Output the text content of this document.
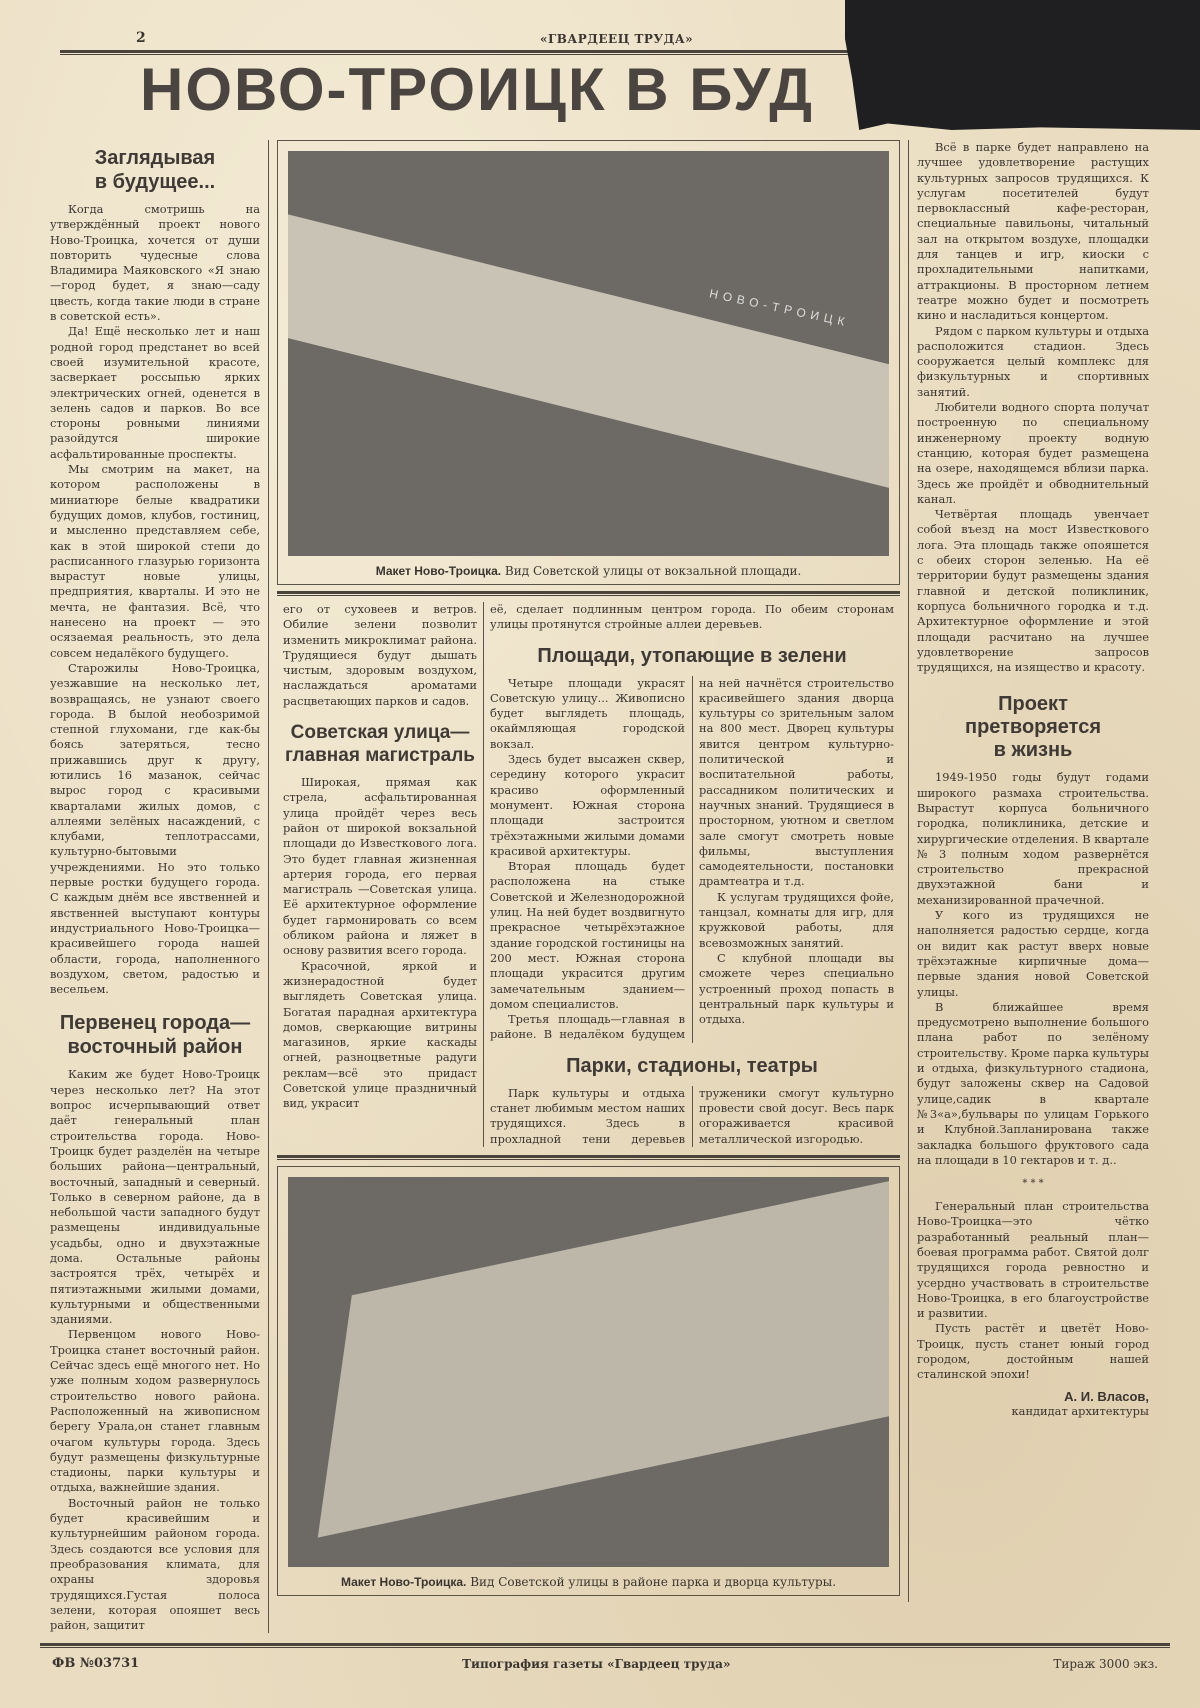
2	«ГВАРДЕЕЦ ТРУДА»
НОВО-ТРОИЦК В БУД
Заглядывая
в будущее...

Когда смотришь на утверждённый проект нового Ново-Троицка, хочется от души повторить чудесные слова Владимира Маяковского «Я знаю—город будет, я знаю—саду цвесть, когда такие люди в стране в советской есть».

Да! Ещё несколько лет и наш родной город предстанет во всей своей изумительной красоте, засверкает россыпью ярких электрических огней, оденется в зелень садов и парков. Во все стороны ровными линиями разойдутся широкие асфальтированные проспекты.

Мы смотрим на макет, на котором расположены в миниатюре белые квадратики будущих домов, клубов, гостиниц, и мысленно представляем себе, как в этой широкой степи до расписанного глазурью горизонта вырастут новые улицы, предприятия, кварталы. И это не мечта, не фантазия. Всё, что нанесено на проект — это осязаемая реальность, это дела совсем недалёкого будущего.

Старожилы Ново-Троицка, уезжавшие на несколько лет, возвращаясь, не узнают своего города. В былой необозримой степной глухомани, где как-бы боясь затеряться, тесно прижавшись друг к другу, ютились 16 мазанок, сейчас вырос город с красивыми кварталами жилых домов, с аллеями зелёных насаждений, с клубами, теплотрассами, культурно-бытовыми учреждениями. Но это только первые ростки будущего города. С каждым днём все явственней и явственней выступают контуры индустриального Ново-Троицка—красивейшего города нашей области, города, наполненного воздухом, светом, радостью и весельем.

Первенец города—
восточный район

Каким же будет Ново-Троицк через несколько лет? На этот вопрос исчерпывающий ответ даёт генеральный план строительства города. Ново-Троицк будет разделён на четыре больших района—центральный, восточный, западный и северный. Только в северном районе, да в небольшой части западного будут размещены индивидуальные усадьбы, одно и двухэтажные дома. Остальные районы застроятся трёх, четырёх и пятиэтажными жилыми домами, культурными и общественными зданиями.

Первенцом нового Ново-Троицка станет восточный район. Сейчас здесь ещё многого нет. Но уже полным ходом развернулось строительство нового района. Расположенный на живописном берегу Урала,он станет главным очагом культуры города. Здесь будут размещены физкультурные стадионы, парки культуры и отдыха, важнейшие здания.

Восточный район не только будет красивейшим и культурнейшим районом города. Здесь создаются все условия для преобразования климата, для охраны здоровья трудящихся.Густая полоса зелени, которая опояшет весь район, защитит

НОВО-ТРОИЦК
Макет Ново-Троицка. Вид Советской улицы от вокзальной площади.

его от суховеев и ветров. Обилие зелени позволит изменить микроклимат района. Трудящиеся будут дышать чистым, здоровым воздухом, наслаждаться ароматами расцветающих парков и садов.

Советская улица—
главная магистраль

Широкая, прямая как стрела, асфальтированная улица пройдёт через весь район от широкой вокзальной площади до Известкового лога. Это будет главная жизненная артерия города, его первая магистраль —Советская улица. Её архитектурное оформление будет гармонировать со всем обликом района и ляжет в основу развития всего города.

Красочной, яркой и жизнерадостной будет выглядеть Советская улица. Богатая парадная архитектура домов, сверкающие витрины магазинов, яркие каскады огней, разноцветные радуги реклам—всё это придаст Советской улице праздничный вид, украсит

её, сделает подлинным центром города. По обеим сторонам улицы протянутся стройные аллеи деревьев.

Площади, утопающие в зелени

Четыре площади украсят Советскую улицу... Живописно будет выглядеть площадь, окаймляющая городской вокзал.

Здесь будет высажен сквер, середину которого украсит красиво оформленный монумент. Южная сторона площади застроится трёхэтажными жилыми домами красивой архитектуры.

Вторая площадь будет расположена на стыке Советской и Железнодорожной улиц. На ней будет воздвигнуто прекрасное четырёхэтажное здание городской гостиницы на 200 мест. Южная сторона площади украсится другим замечательным зданием—домом специалистов.

Третья площадь—главная в районе. В недалёком будущем на ней начнётся строительство красивейшего здания дворца культуры со зрительным залом на 800 мест. Дворец культуры явится центром культурно-политической и воспитательной работы, рассадником политических и научных знаний. Трудящиеся в просторном, уютном и светлом зале смогут смотреть новые фильмы, выступления самодеятельности, постановки драмтеатра и т.д.

К услугам трудящихся фойе, танцзал, комнаты для игр, для кружковой работы, для всевозможных занятий.

С клубной площади вы сможете через специально устроенный проход попасть в центральный парк культуры и отдыха.

Парки, стадионы, театры

Парк культуры и отдыха станет любимым местом наших трудящихся. Здесь в прохладной тени деревьев труженики смогут культурно провести свой досуг. Весь парк огораживается красивой металлической изгородью.

Макет Ново-Троицка. Вид Советской улицы в районе парка и дворца культуры.

Всё в парке будет направлено на лучшее удовлетворение растущих культурных запросов трудящихся. К услугам посетителей будут первоклассный кафе-ресторан, специальные павильоны, читальный зал на открытом воздухе, площадки для танцев и игр, киоски с прохладительными напитками, аттракционы. В просторном летнем театре можно будет и посмотреть кино и насладиться концертом.

Рядом с парком культуры и отдыха расположится стадион. Здесь сооружается целый комплекс для физкультурных и спортивных занятий.

Любители водного спорта получат построенную по специальному инженерному проекту водную станцию, которая будет размещена на озере, находящемся вблизи парка. Здесь же пройдёт и обводнительный канал.

Четвёртая площадь увенчает собой въезд на мост Известкового лога. Эта площадь также опояшется с обеих сторон зеленью. На её территории будут размещены здания главной и детской поликлиник, корпуса больничного городка и т.д. Архитектурное оформление и этой площади расчитано на лучшее удовлетворение запросов трудящихся, на изящество и красоту.

Проект
претворяется
в жизнь

1949-1950 годы будут годами широкого размаха строительства. Вырастут корпуса больничного городка, поликлиника, детские и хирургические отделения. В квартале №3 полным ходом развернётся строительство прекрасной двухэтажной бани и механизированной прачечной.

У кого из трудящихся не наполняется радостью сердце, когда он видит как растут вверх новые трёхэтажные кирпичные дома—первые здания новой Советской улицы.

В ближайшее время предусмотрено выполнение большого плана работ по зелёному строительству. Кроме парка культуры и отдыха, физкультурного стадиона, будут заложены сквер на Садовой улице,садик в квартале №3«а»,бульвары по улицам Горького и Клубной.Запланирована также закладка большого фруктового сада на площади в 10 гектаров и т. д..

* * *

Генеральный план строительства Ново-Троицка—это чётко разработанный реальный план—боевая программа работ. Святой долг трудящихся города ревностно и усердно участвовать в строительстве Ново-Троицка, в его благоустройстве и развитии.

Пусть растёт и цветёт Ново-Троицк, пусть станет юный город городом, достойным нашей сталинской эпохи!

А. И. Власов,
кандидат архитектуры
ФВ №03731	Типография газеты «Гвардеец труда»	Тираж 3000 экз.
